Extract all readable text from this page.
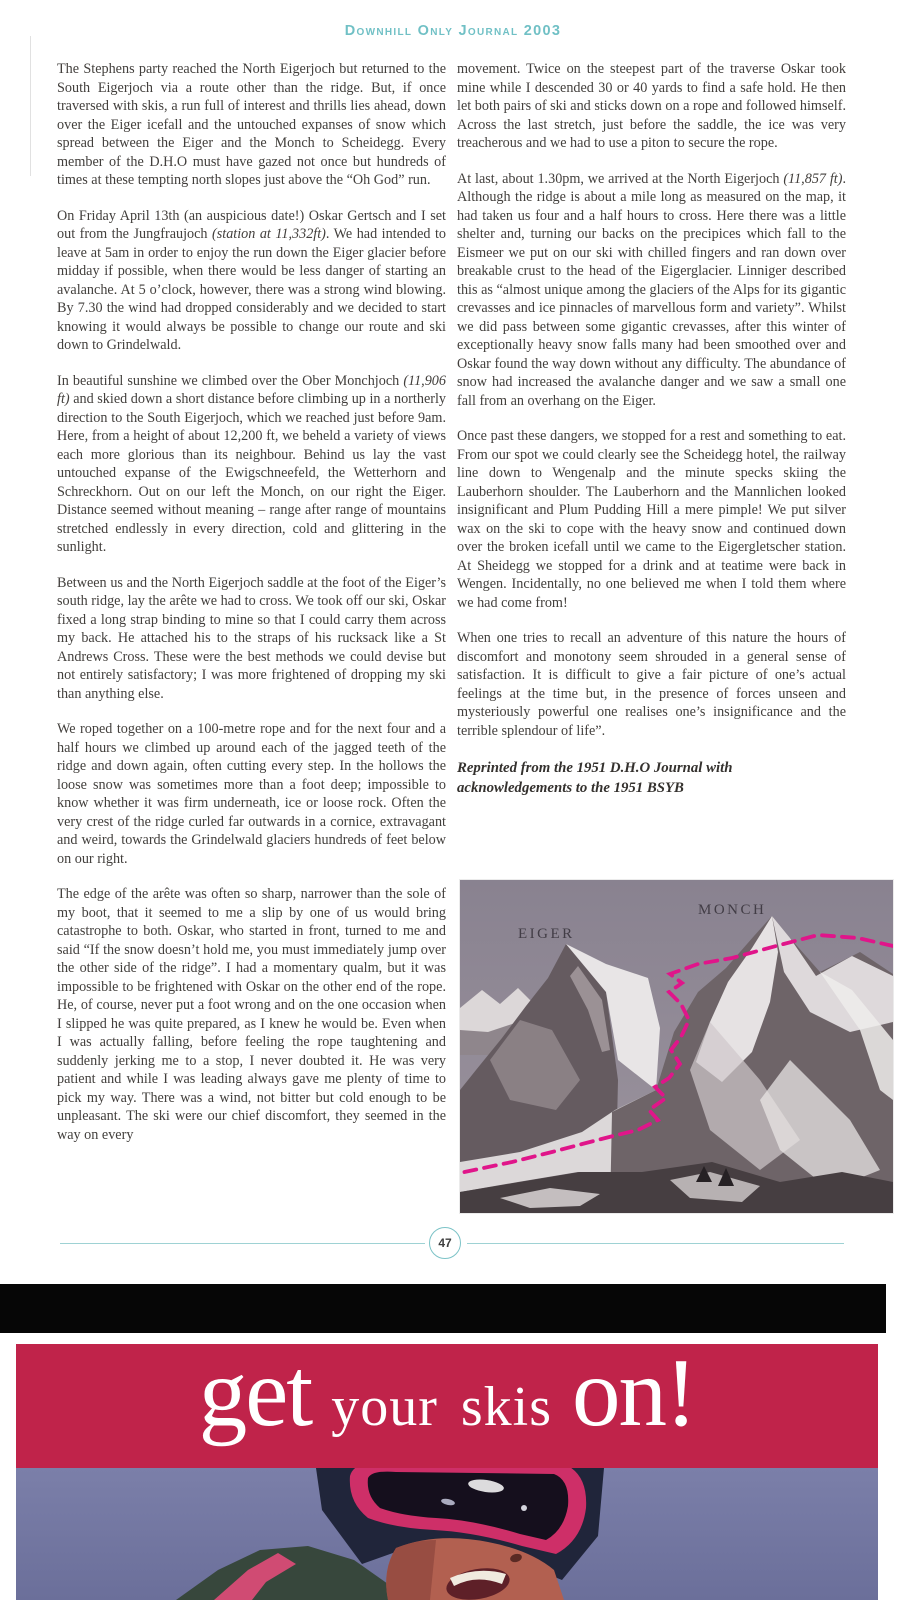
Downhill Only Journal 2003

The Stephens party reached the North Eigerjoch but returned to the South Eigerjoch via a route other than the ridge. But, if once traversed with skis, a run full of interest and thrills lies ahead, down over the Eiger icefall and the untouched expanses of snow which spread between the Eiger and the Monch to Scheidegg. Every member of the D.H.O must have gazed not once but hundreds of times at these tempting north slopes just above the “Oh God” run.

On Friday April 13th (an auspicious date!) Oskar Gertsch and I set out from the Jungfraujoch (station at 11,332ft). We had intended to leave at 5am in order to enjoy the run down the Eiger glacier before midday if possible, when there would be less danger of starting an avalanche. At 5 o’clock, however, there was a strong wind blowing. By 7.30 the wind had dropped considerably and we decided to start knowing it would always be possible to change our route and ski down to Grindelwald.

In beautiful sunshine we climbed over the Ober Monchjoch (11,906 ft) and skied down a short distance before climbing up in a northerly direction to the South Eigerjoch, which we reached just before 9am. Here, from a height of about 12,200 ft, we beheld a variety of views each more glorious than its neighbour. Behind us lay the vast untouched expanse of the Ewigschneefeld, the Wetterhorn and Schreckhorn. Out on our left the Monch, on our right the Eiger. Distance seemed without meaning – range after range of mountains stretched endlessly in every direction, cold and glittering in the sunlight.

Between us and the North Eigerjoch saddle at the foot of the Eiger’s south ridge, lay the arête we had to cross. We took off our ski, Oskar fixed a long strap binding to mine so that I could carry them across my back. He attached his to the straps of his rucksack like a St Andrews Cross. These were the best methods we could devise but not entirely satisfactory; I was more frightened of dropping my ski than anything else.

We roped together on a 100-metre rope and for the next four and a half hours we climbed up around each of the jagged teeth of the ridge and down again, often cutting every step. In the hollows the loose snow was sometimes more than a foot deep; impossible to know whether it was firm underneath, ice or loose rock. Often the very crest of the ridge curled far outwards in a cornice, extravagant and weird, towards the Grindelwald glaciers hundreds of feet below on our right.

The edge of the arête was often so sharp, narrower than the sole of my boot, that it seemed to me a slip by one of us would bring catastrophe to both. Oskar, who started in front, turned to me and said “If the snow doesn’t hold me, you must immediately jump over the other side of the ridge”. I had a momentary qualm, but it was impossible to be frightened with Oskar on the other end of the rope. He, of course, never put a foot wrong and on the one occasion when I slipped he was quite prepared, as I knew he would be. Even when I was actually falling, before feeling the rope taughtening and suddenly jerking me to a stop, I never doubted it. He was very patient and while I was leading always gave me plenty of time to pick my way. There was a wind, not bitter but cold enough to be unpleasant. The ski were our chief discomfort, they seemed in the way on every

movement. Twice on the steepest part of the traverse Oskar took mine while I descended 30 or 40 yards to find a safe hold. He then let both pairs of ski and sticks down on a rope and followed himself. Across the last stretch, just before the saddle, the ice was very treacherous and we had to use a piton to secure the rope.

At last, about 1.30pm, we arrived at the North Eigerjoch (11,857 ft). Although the ridge is about a mile long as measured on the map, it had taken us four and a half hours to cross. Here there was a little shelter and, turning our backs on the precipices which fall to the Eismeer we put on our ski with chilled fingers and ran down over breakable crust to the head of the Eigerglacier. Linniger described this as “almost unique among the glaciers of the Alps for its gigantic crevasses and ice pinnacles of marvellous form and variety”. Whilst we did pass between some gigantic crevasses, after this winter of exceptionally heavy snow falls many had been smoothed over and Oskar found the way down without any difficulty. The abundance of snow had increased the avalanche danger and we saw a small one fall from an overhang on the Eiger.

Once past these dangers, we stopped for a rest and something to eat. From our spot we could clearly see the Scheidegg hotel, the railway line down to Wengenalp and the minute specks skiing the Lauberhorn shoulder. The Lauberhorn and the Mannlichen looked insignificant and Plum Pudding Hill a mere pimple! We put silver wax on the ski to cope with the heavy snow and continued down over the broken icefall until we came to the Eigergletscher station. At Sheidegg we stopped for a drink and at teatime were back in Wengen. Incidentally, no one believed me when I told them where we had come from!

When one tries to recall an adventure of this nature the hours of discomfort and monotony seem shrouded in a general sense of satisfaction. It is difficult to give a fair picture of one’s actual feelings at the time but, in the presence of forces unseen and mysteriously powerful one realises one’s insignificance and the terrible splendour of life”.

Reprinted from the 1951 D.H.O Journal with acknowledgements to the 1951 BSYB

EIGER
MONCH
47
get your skis on!
